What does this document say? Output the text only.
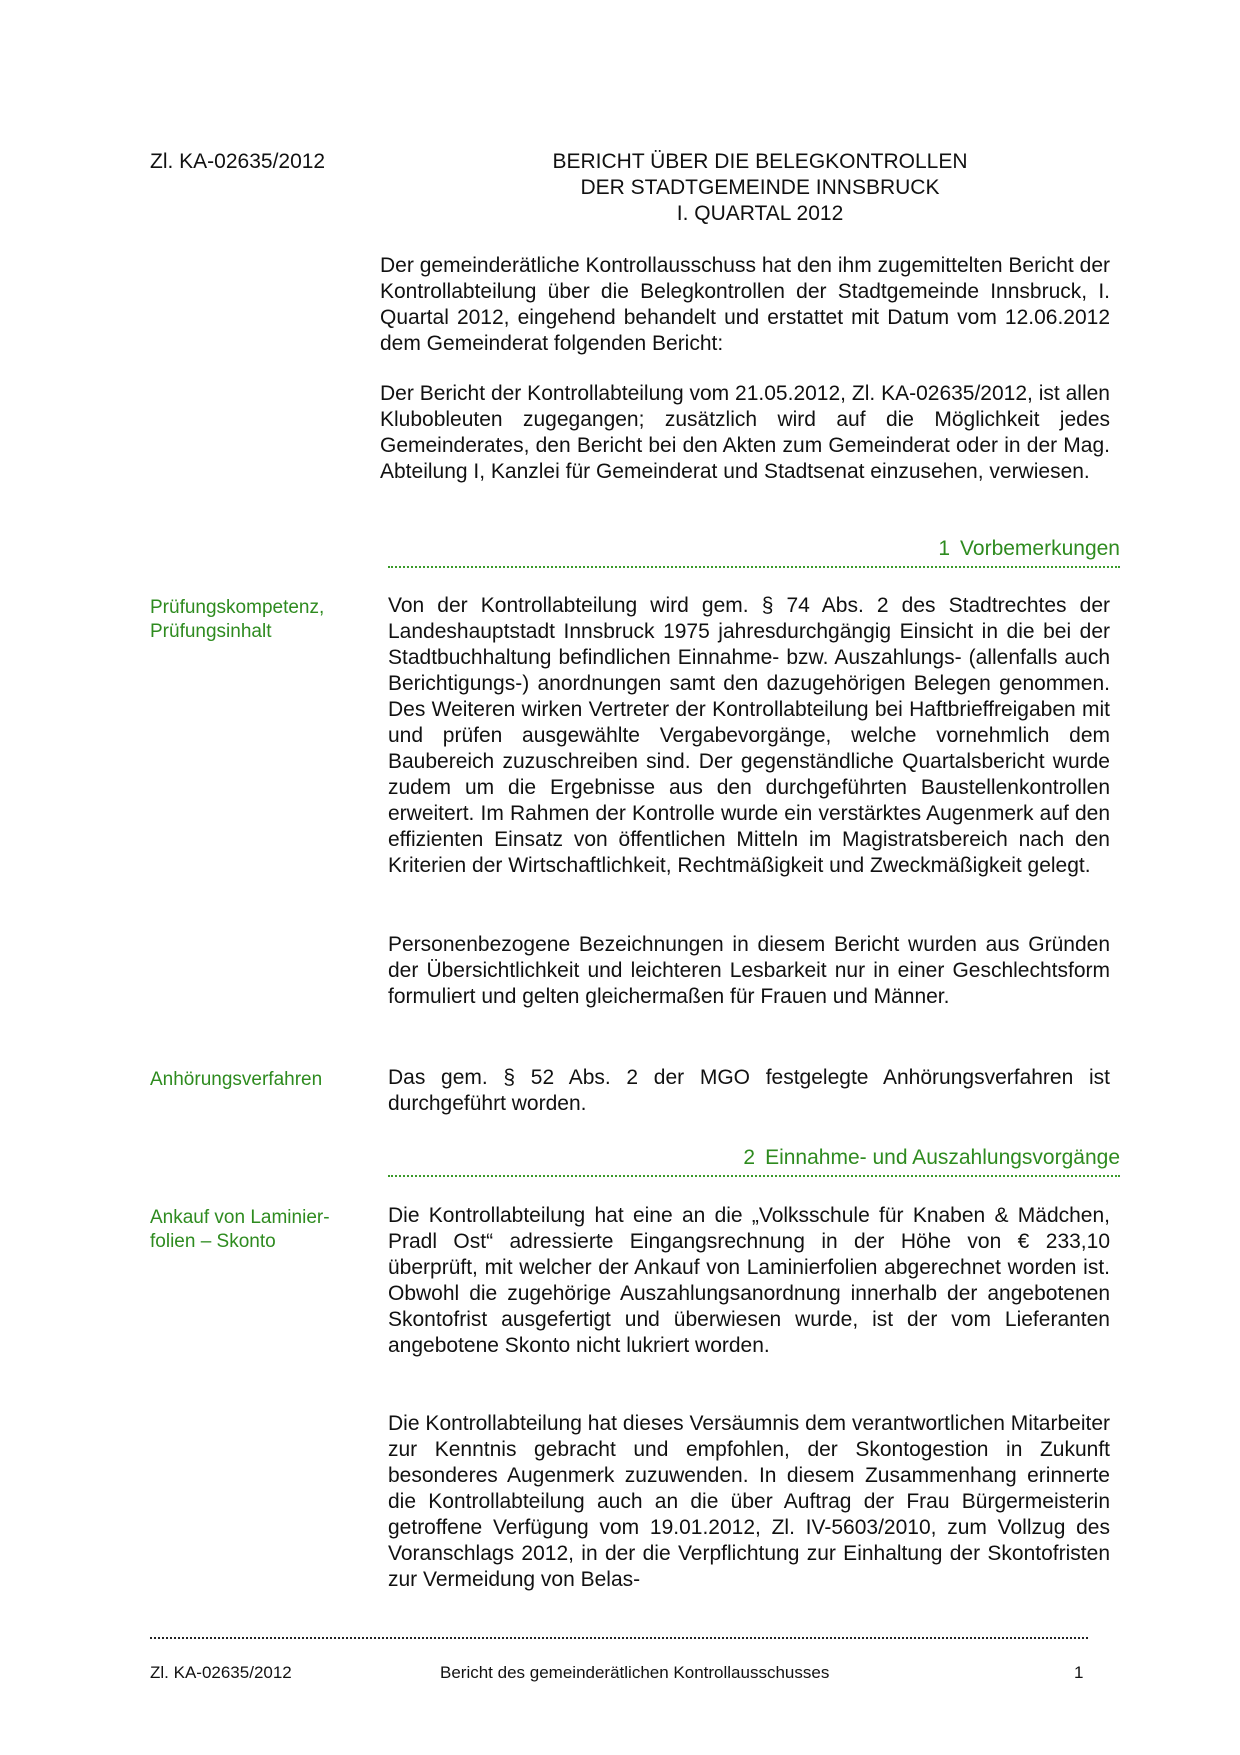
Zl. KA-02635/2012	BERICHT ÜBER DIE BELEGKONTROLLEN
DER STADTGEMEINDE INNSBRUCK
I. QUARTAL 2012

Der gemeinderätliche Kontrollausschuss hat den ihm zugemittelten Bericht der Kontrollabteilung über die Belegkontrollen der Stadtgemeinde Innsbruck, I. Quartal 2012, eingehend behandelt und erstattet mit Datum vom 12.06.2012 dem Gemeinderat folgenden Bericht:

Der Bericht der Kontrollabteilung vom 21.05.2012, Zl. KA-02635/2012, ist allen Klubobleuten zugegangen; zusätzlich wird auf die Möglichkeit jedes Gemeinderates, den Bericht bei den Akten zum Gemeinderat oder in der Mag. Abteilung I, Kanzlei für Gemeinderat und Stadtsenat einzusehen, verwiesen.

1 Vorbemerkungen
Prüfungskompetenz,
Prüfungsinhalt

Von der Kontrollabteilung wird gem. § 74 Abs. 2 des Stadtrechtes der Landeshauptstadt Innsbruck 1975 jahresdurchgängig Einsicht in die bei der Stadtbuchhaltung befindlichen Einnahme- bzw. Auszahlungs- (allenfalls auch Berichtigungs-) anordnungen samt den dazugehörigen Belegen genommen. Des Weiteren wirken Vertreter der Kontrollabteilung bei Haftbrieffreigaben mit und prüfen ausgewählte Vergabevorgänge, welche vornehmlich dem Baubereich zuzuschreiben sind. Der gegenständliche Quartalsbericht wurde zudem um die Ergebnisse aus den durchgeführten Baustellenkontrollen erweitert. Im Rahmen der Kontrolle wurde ein verstärktes Augenmerk auf den effizienten Einsatz von öffentlichen Mitteln im Magistratsbereich nach den Kriterien der Wirtschaftlichkeit, Rechtmäßigkeit und Zweckmäßigkeit gelegt.

Personenbezogene Bezeichnungen in diesem Bericht wurden aus Gründen der Übersichtlichkeit und leichteren Lesbarkeit nur in einer Geschlechtsform formuliert und gelten gleichermaßen für Frauen und Männer.

Anhörungsverfahren	Das gem. § 52 Abs. 2 der MGO festgelegte Anhörungsverfahren ist durchgeführt worden.

2 Einnahme- und Auszahlungsvorgänge
Ankauf von Laminier-
folien – Skonto

Die Kontrollabteilung hat eine an die „Volksschule für Knaben & Mädchen, Pradl Ost“ adressierte Eingangsrechnung in der Höhe von € 233,10 überprüft, mit welcher der Ankauf von Laminierfolien abgerechnet worden ist. Obwohl die zugehörige Auszahlungsanordnung innerhalb der angebotenen Skontofrist ausgefertigt und überwiesen wurde, ist der vom Lieferanten angebotene Skonto nicht lukriert worden.

Die Kontrollabteilung hat dieses Versäumnis dem verantwortlichen Mitarbeiter zur Kenntnis gebracht und empfohlen, der Skontogestion in Zukunft besonderes Augenmerk zuzuwenden. In diesem Zusammenhang erinnerte die Kontrollabteilung auch an die über Auftrag der Frau Bürgermeisterin getroffene Verfügung vom 19.01.2012, Zl. IV-5603/2010, zum Vollzug des Voranschlags 2012, in der die Verpflichtung zur Einhaltung der Skontofristen zur Vermeidung von Belas-

Zl. KA-02635/2012	Bericht des gemeinderätlichen Kontrollausschusses	1
